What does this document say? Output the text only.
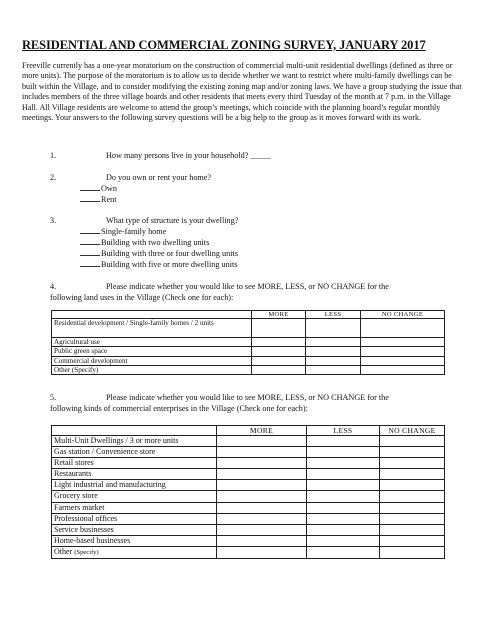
RESIDENTIAL AND COMMERCIAL ZONING SURVEY, JANUARY 2017

Freeville currently has a one-year moratorium on the construction of commercial multi-unit residential dwellings (defined as three or more units). The purpose of the moratorium is to allow us to decide whether we want to restrict where multi-family dwellings can be built within the Village, and to consider modifying the existing zoning map and/or zoning laws. We have a group studying the issue that includes members of the three village boards and other residents that meets every third Tuesday of the month at 7 p.m. in the Village Hall. All Village residents are welcome to attend the group’s meetings, which coincide with the planning board’s regular monthly meetings. Your answers to the following survey questions will be a big help to the group as it moves forward with its work.

1.	How many persons live in your household? _____
2.	Do you own or rent your home?
Own
Rent
3.	What type of structure is your dwelling?
Single-family home
Building with two dwelling units
Building with three or four dwelling units
Building with five or more dwelling units
4.	Please indicate whether you would like to see MORE, LESS, or NO CHANGE for the
following land uses in the Village (Check one for each):
	MORE	LESS	NO CHANGE
Residential development / Single-family homes / 2 units			
Agricultural use			
Public green space			
Commercial development			
Other (Specify)			
5.	Please indicate whether you would like to see MORE, LESS, or NO CHANGE for the
following kinds of commercial enterprises in the Village (Check one for each):
	MORE	LESS	NO CHANGE
Multi-Unit Dwellings / 3 or more units			
Gas station / Convenience store			
Retail stores			
Restaurants			
Light industrial and manufacturing			
Grocery store			
Farmers market			
Professional offices			
Service businesses			
Home-based businesses			
Other (Specify)			
